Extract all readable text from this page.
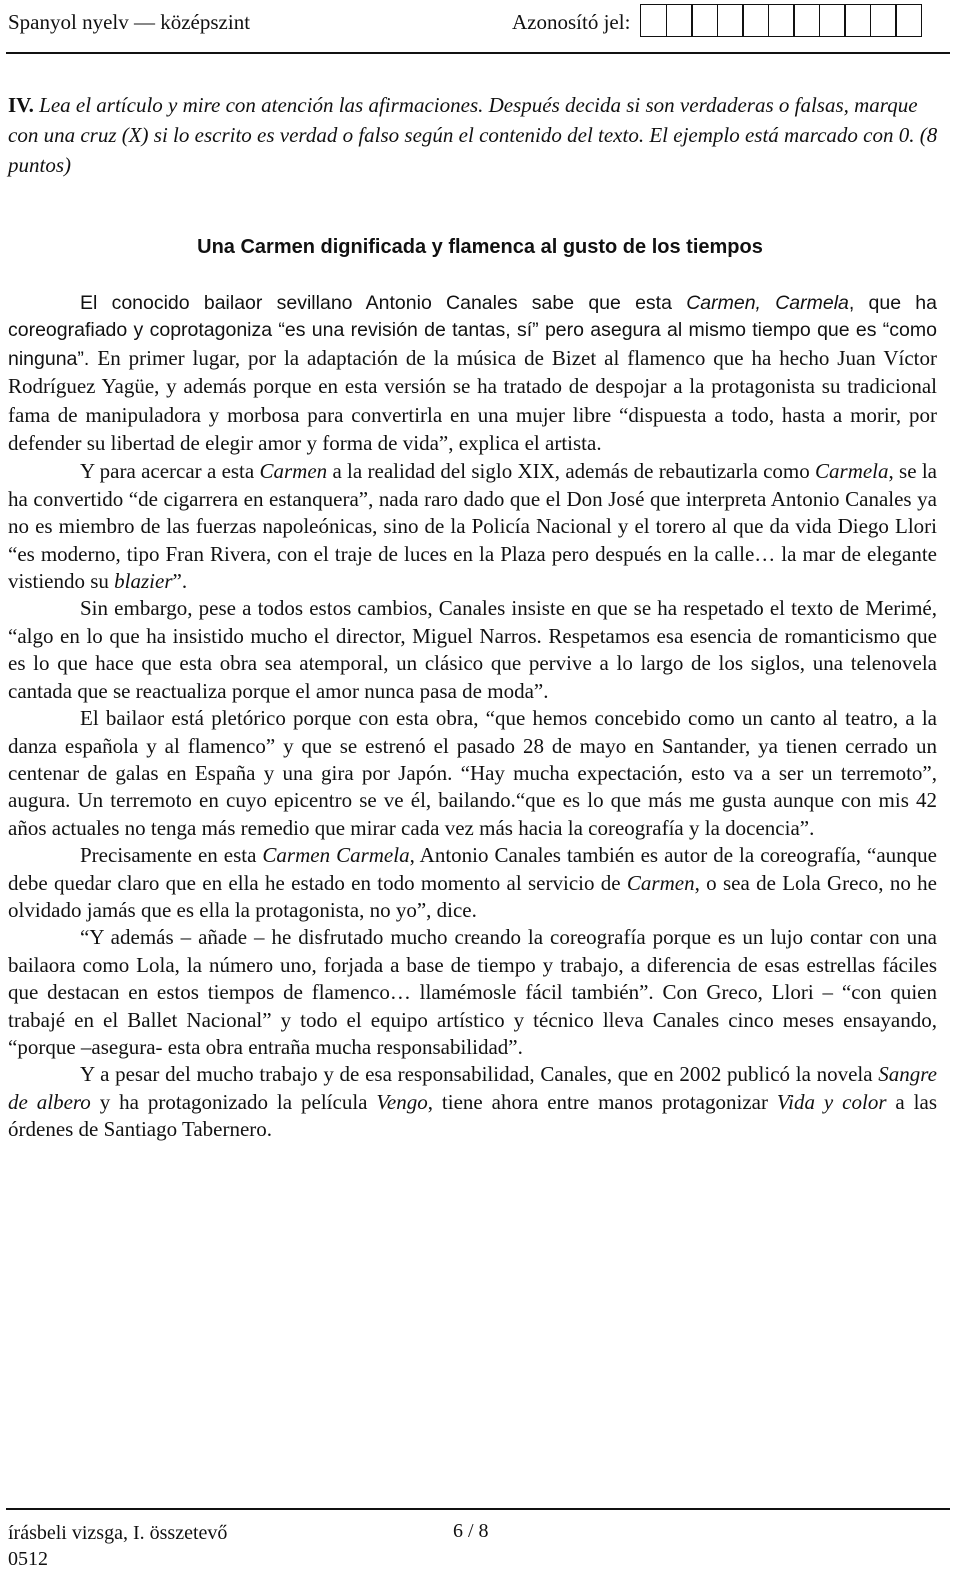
Spanyol nyelv — középszint	Azonosító jel:
IV. Lea el artículo y mire con atención las afirmaciones. Después decida si son verdaderas o falsas, marque con una cruz (X) si lo escrito es verdad o falso según el contenido del texto. El ejemplo está marcado con 0. (8 puntos)
Una Carmen dignificada y flamenca al gusto de los tiempos

El conocido bailaor sevillano Antonio Canales sabe que esta Carmen, Carmela, que ha coreografiado y coprotagoniza “es una revisión de tantas, sí” pero asegura al mismo tiempo que es “como ninguna”. En primer lugar, por la adaptación de la música de Bizet al flamenco que ha hecho Juan Víctor Rodríguez Yagüe, y además porque en esta versión se ha tratado de despojar a la protagonista su tradicional fama de manipuladora y morbosa para convertirla en una mujer libre “dispuesta a todo, hasta a morir, por defender su libertad de elegir amor y forma de vida”, explica el artista.

Y para acercar a esta Carmen a la realidad del siglo XIX, además de rebautizarla como Carmela, se la ha convertido “de cigarrera en estanquera”, nada raro dado que el Don José que interpreta Antonio Canales ya no es miembro de las fuerzas napoleónicas, sino de la Policía Nacional y el torero al que da vida Diego Llori “es moderno, tipo Fran Rivera, con el traje de luces en la Plaza pero después en la calle… la mar de elegante vistiendo su blazier”.

Sin embargo, pese a todos estos cambios, Canales insiste en que se ha respetado el texto de Merimé, “algo en lo que ha insistido mucho el director, Miguel Narros. Respetamos esa esencia de romanticismo que es lo que hace que esta obra sea atemporal, un clásico que pervive a lo largo de los siglos, una telenovela cantada que se reactualiza porque el amor nunca pasa de moda”.

El bailaor está pletórico porque con esta obra, “que hemos concebido como un canto al teatro, a la danza española y al flamenco” y que se estrenó el pasado 28 de mayo en Santander, ya tienen cerrado un centenar de galas en España y una gira por Japón. “Hay mucha expectación, esto va a ser un terremoto”, augura. Un terremoto en cuyo epicentro se ve él, bailando.“que es lo que más me gusta aunque con mis 42 años actuales no tenga más remedio que mirar cada vez más hacia la coreografía y la docencia”.

Precisamente en esta Carmen Carmela, Antonio Canales también es autor de la coreografía, “aunque debe quedar claro que en ella he estado en todo momento al servicio de Carmen, o sea de Lola Greco, no he olvidado jamás que es ella la protagonista, no yo”, dice.

“Y además – añade – he disfrutado mucho creando la coreografía porque es un lujo contar con una bailaora como Lola, la número uno, forjada a base de tiempo y trabajo, a diferencia de esas estrellas fáciles que destacan en estos tiempos de flamenco… llamémosle fácil también”. Con Greco, Llori – “con quien trabajé en el Ballet Nacional” y todo el equipo artístico y técnico lleva Canales cinco meses ensayando, “porque –asegura- esta obra entraña mucha responsabilidad”.

Y a pesar del mucho trabajo y de esa responsabilidad, Canales, que en 2002 publicó la novela Sangre de albero y ha protagonizado la película Vengo, tiene ahora entre manos protagonizar Vida y color a las órdenes de Santiago Tabernero.

írásbeli vizsga, I. összetevő
0512
6 / 8
